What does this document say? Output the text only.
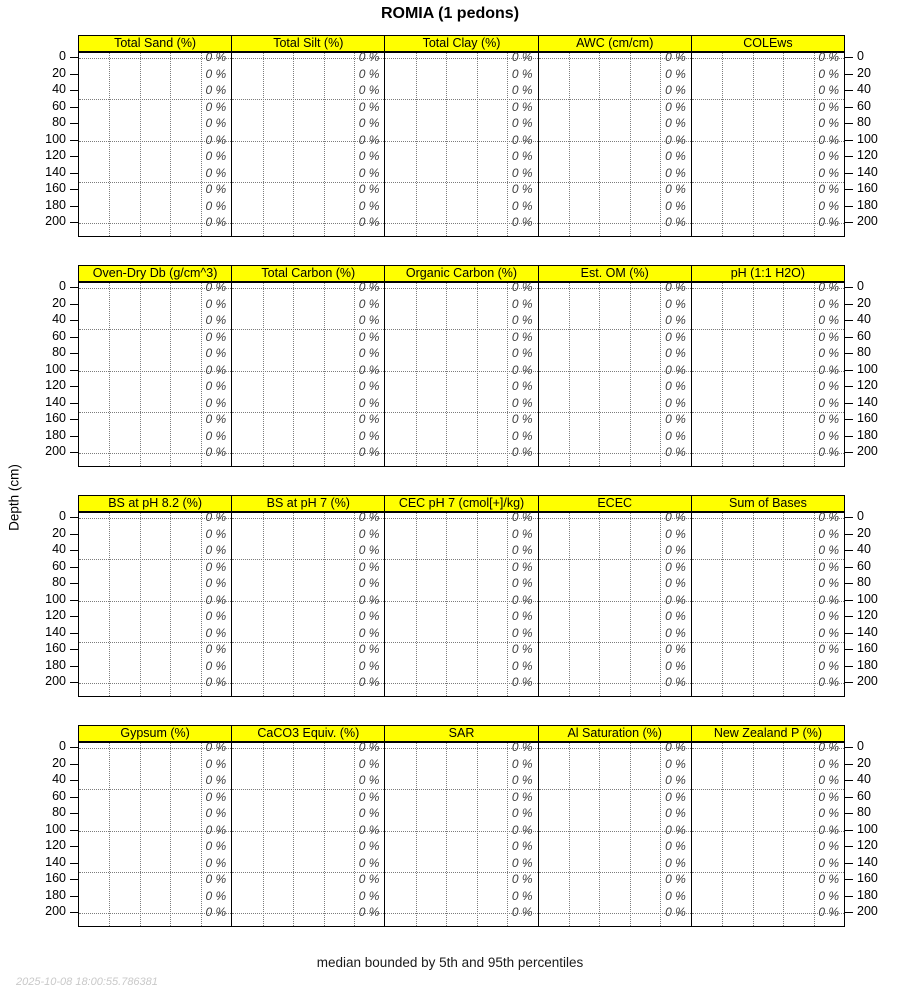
ROMIA (1 pedons)
Depth (cm)
Total Sand (%)	Total Silt (%)	Total Clay (%)	AWC (cm/cm)	COLEws
0 %
0 %
0 %
0 %
0 %
0 %
0 %
0 %
0 %
0 %
0 %
0 %
0 %
0 %
0 %
0 %
0 %
0 %
0 %
0 %
0 %
0 %
0 %
0 %
0 %
0 %
0 %
0 %
0 %
0 %
0 %
0 %
0 %
0 %
0 %
0 %
0 %
0 %
0 %
0 %
0 %
0 %
0 %
0 %
0 %
0 %
0 %
0 %
0 %
0 %
0 %
0 %
0 %
0 %
0 %
0	0
20	20
40	40
60	60
80	80
100	100
120	120
140	140
160	160
180	180
200	200
Oven-Dry Db (g/cm^3)	Total Carbon (%)	Organic Carbon (%)	Est. OM (%)	pH (1:1 H2O)
0 %
0 %
0 %
0 %
0 %
0 %
0 %
0 %
0 %
0 %
0 %
0 %
0 %
0 %
0 %
0 %
0 %
0 %
0 %
0 %
0 %
0 %
0 %
0 %
0 %
0 %
0 %
0 %
0 %
0 %
0 %
0 %
0 %
0 %
0 %
0 %
0 %
0 %
0 %
0 %
0 %
0 %
0 %
0 %
0 %
0 %
0 %
0 %
0 %
0 %
0 %
0 %
0 %
0 %
0 %
0	0
20	20
40	40
60	60
80	80
100	100
120	120
140	140
160	160
180	180
200	200
BS at pH 8.2 (%)	BS at pH 7 (%)	CEC pH 7 (cmol[+]/kg)	ECEC	Sum of Bases
0 %
0 %
0 %
0 %
0 %
0 %
0 %
0 %
0 %
0 %
0 %
0 %
0 %
0 %
0 %
0 %
0 %
0 %
0 %
0 %
0 %
0 %
0 %
0 %
0 %
0 %
0 %
0 %
0 %
0 %
0 %
0 %
0 %
0 %
0 %
0 %
0 %
0 %
0 %
0 %
0 %
0 %
0 %
0 %
0 %
0 %
0 %
0 %
0 %
0 %
0 %
0 %
0 %
0 %
0 %
0	0
20	20
40	40
60	60
80	80
100	100
120	120
140	140
160	160
180	180
200	200
Gypsum (%)	CaCO3 Equiv. (%)	SAR	Al Saturation (%)	New Zealand P (%)
0 %
0 %
0 %
0 %
0 %
0 %
0 %
0 %
0 %
0 %
0 %
0 %
0 %
0 %
0 %
0 %
0 %
0 %
0 %
0 %
0 %
0 %
0 %
0 %
0 %
0 %
0 %
0 %
0 %
0 %
0 %
0 %
0 %
0 %
0 %
0 %
0 %
0 %
0 %
0 %
0 %
0 %
0 %
0 %
0 %
0 %
0 %
0 %
0 %
0 %
0 %
0 %
0 %
0 %
0 %
0	0
20	20
40	40
60	60
80	80
100	100
120	120
140	140
160	160
180	180
200	200
median bounded by 5th and 95th percentiles
2025-10-08 18:00:55.786381
